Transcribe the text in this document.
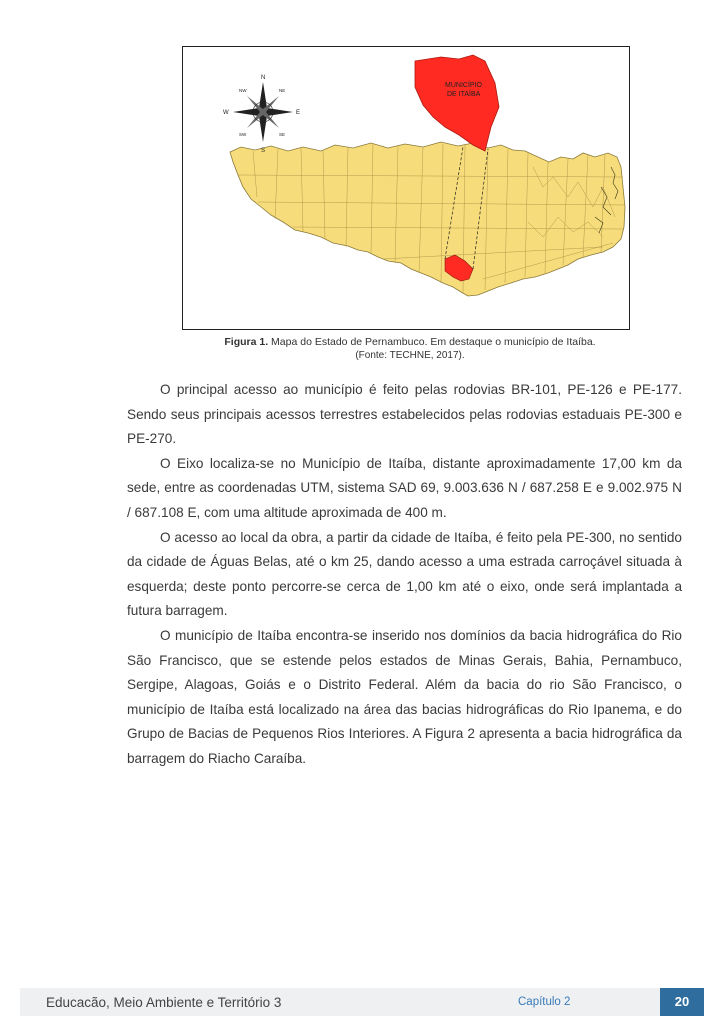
MUNICÍPIO
DE ITAÍBA
N
S
E
W
NW	NE
SW	SE
Figura 1. Mapa do Estado de Pernambuco. Em destaque o município de Itaíba.
(Fonte: TECHNE, 2017).

O principal acesso ao município é feito pelas rodovias BR-101, PE-126 e PE-177. Sendo seus principais acessos terrestres estabelecidos pelas rodovias estaduais PE-300 e PE-270.

O Eixo localiza-se no Município de Itaíba, distante aproximadamente 17,00 km da sede, entre as coordenadas UTM, sistema SAD 69, 9.003.636 N / 687.258 E e 9.002.975 N / 687.108 E, com uma altitude aproximada de 400 m.

O acesso ao local da obra, a partir da cidade de Itaíba, é feito pela PE-300, no sentido da cidade de Águas Belas, até o km 25, dando acesso a uma estrada carroçável situada à esquerda; deste ponto percorre-se cerca de 1,00 km até o eixo, onde será implantada a futura barragem.

O município de Itaíba encontra-se inserido nos domínios da bacia hidrográfica do Rio São Francisco, que se estende pelos estados de Minas Gerais, Bahia, Pernambuco, Sergipe, Alagoas, Goiás e o Distrito Federal. Além da bacia do rio São Francisco, o município de Itaíba está localizado na área das bacias hidrográficas do Rio Ipanema, e do Grupo de Bacias de Pequenos Rios Interiores. A Figura 2 apresenta a bacia hidrográfica da barragem do Riacho Caraíba.

Educacão, Meio Ambiente e Território 3	Capítulo 2	20
